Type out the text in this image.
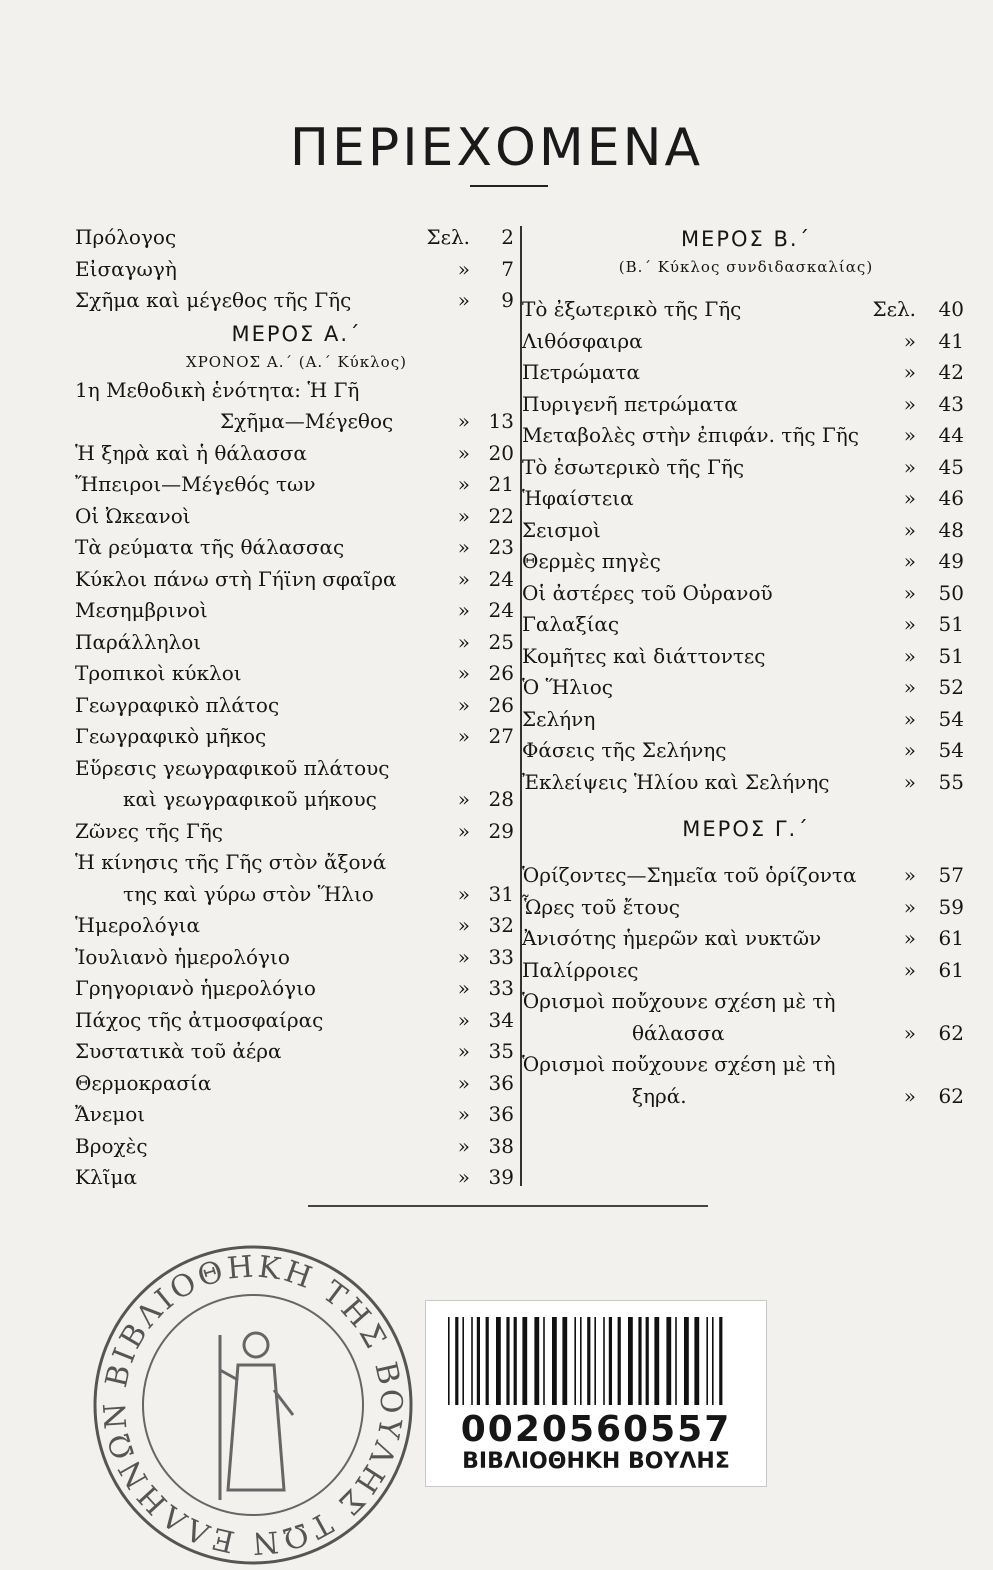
ΠΕΡΙΕΧΟΜΕΝΑ
Πρόλογος	Σελ. 2
Εἰσαγωγὴ	» 7
Σχῆμα καὶ μέγεθος τῆς Γῆς	» 9
ΜΕΡΟΣ Α.΄
ΧΡΟΝΟΣ Α.΄ (Α.΄ Κύκλος)
1η Μεθοδικὴ ἑνότητα: Ἡ Γῆ
Σχῆμα—Μέγεθος	» 13
Ἡ ξηρὰ καὶ ἡ θάλασσα	» 20
Ἤπειροι—Μέγεθός των	» 21
Οἱ Ὠκεανοὶ	» 22
Τὰ ρεύματα τῆς θάλασσας	» 23
Κύκλοι πάνω στὴ Γήϊνη σφαῖρα	» 24
Μεσημβρινοὶ	» 24
Παράλληλοι	» 25
Τροπικοὶ κύκλοι	» 26
Γεωγραφικὸ πλάτος	» 26
Γεωγραφικὸ μῆκος	» 27
Εὕρεσις γεωγραφικοῦ πλάτους
καὶ γεωγραφικοῦ μήκους	» 28
Ζῶνες τῆς Γῆς	» 29
Ἡ κίνησις τῆς Γῆς στὸν ἄξονά
της καὶ γύρω στὸν Ἥλιο	» 31
Ἡμερολόγια	» 32
Ἰουλιανὸ ἡμερολόγιο	» 33
Γρηγοριανὸ ἡμερολόγιο	» 33
Πάχος τῆς ἀτμοσφαίρας	» 34
Συστατικὰ τοῦ ἀέρα	» 35
Θερμοκρασία	» 36
Ἄνεμοι	» 36
Βροχὲς	» 38
Κλῖμα	» 39
ΜΕΡΟΣ Β.΄
(Β.΄ Κύκλος συνδιδασκαλίας)
Τὸ ἐξωτερικὸ τῆς Γῆς	Σελ. 40
Λιθόσφαιρα	» 41
Πετρώματα	» 42
Πυριγενῆ πετρώματα	» 43
Μεταβολὲς στὴν ἐπιφάν. τῆς Γῆς » 44
Τὸ ἐσωτερικὸ τῆς Γῆς	» 45
Ἡφαίστεια	» 46
Σεισμοὶ	» 48
Θερμὲς πηγὲς	» 49
Οἱ ἀστέρες τοῦ Οὐρανοῦ	» 50
Γαλαξίας	» 51
Κομῆτες καὶ διάττοντες	» 51
Ὁ Ἥλιος	» 52
Σελήνη	» 54
Φάσεις τῆς Σελήνης	» 54
Ἐκλείψεις Ἡλίου καὶ Σελήνης	» 55
ΜΕΡΟΣ Γ.΄
Ὁρίζοντες—Σημεῖα τοῦ ὁρίζοντα » 57
Ὧρες τοῦ ἔτους	» 59
Ἀνισότης ἡμερῶν καὶ νυκτῶν	» 61
Παλίρροιες	» 61
Ὁρισμοὶ ποὔχουνε σχέση μὲ τὴ
θάλασσα	» 62
Ὁρισμοὶ ποὔχουνε σχέση μὲ τὴ
ξηρά.	» 62
ΒΙΒΛΙΟΘΗΚΗ ΤΗΣ ΒΟΥΛΗΣ ΤΩΝ ΕΛΛΗΝΩΝ	0020560557
ΒΙΒΛΙΟΘΗΚΗ ΒΟΥΛΗΣ
